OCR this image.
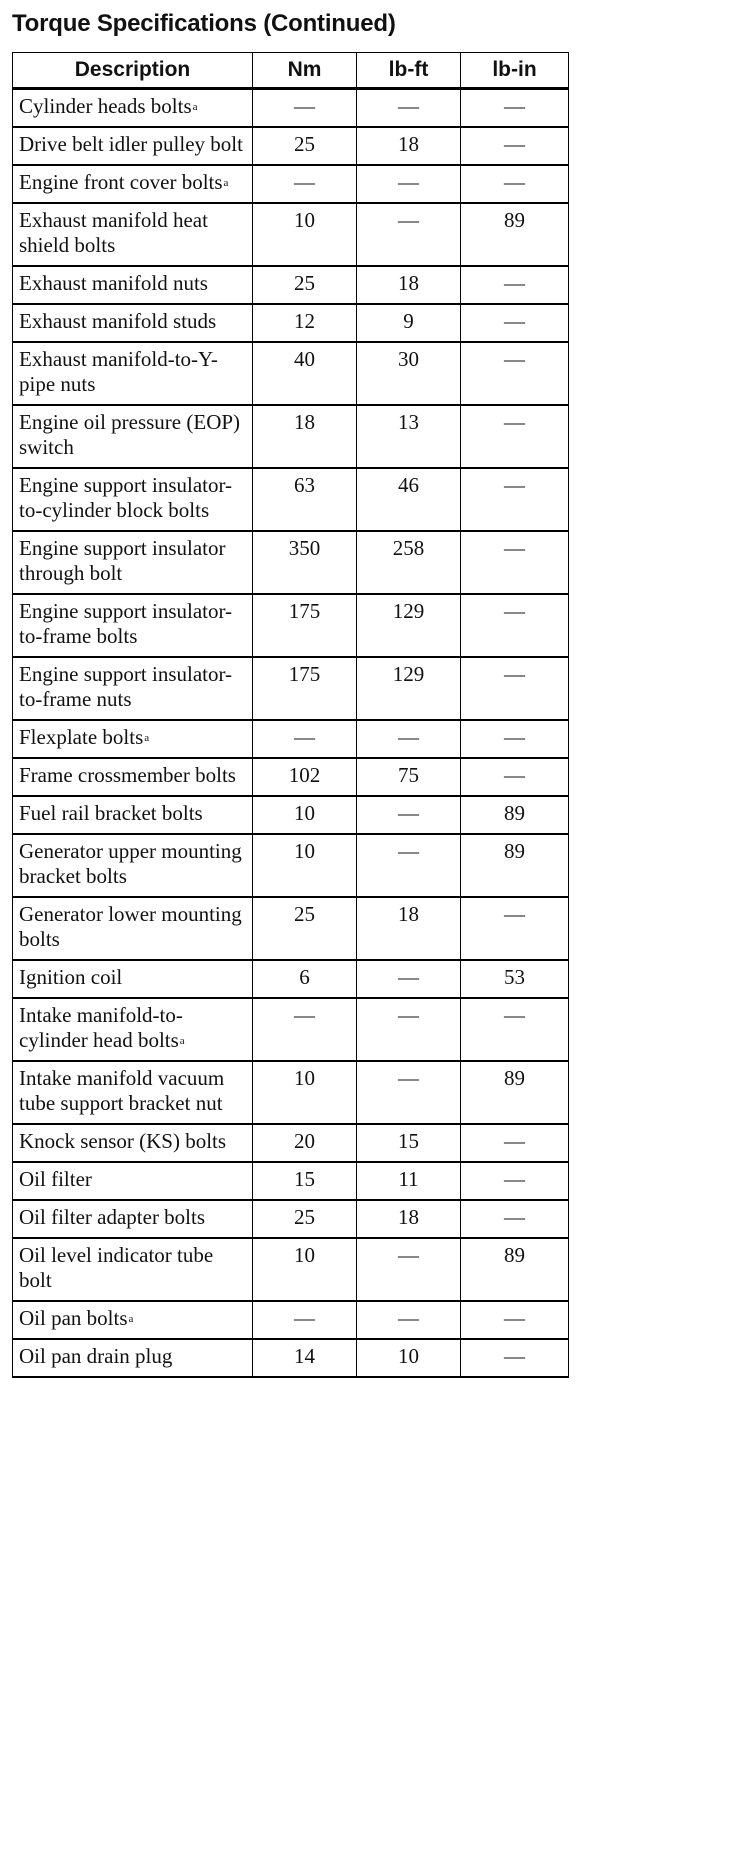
Torque Specifications (Continued)
Description	Nm	lb-ft	lb-in
Cylinder heads bolts$^a$	—	—	—
Drive belt idler pulley bolt	25	18	—
Engine front cover bolts$^a$	—	—	—
Exhaust manifold heat shield bolts	10	—	89
Exhaust manifold nuts	25	18	—
Exhaust manifold studs	12	9	—
Exhaust manifold-to-Y-pipe nuts	40	30	—
Engine oil pressure (EOP) switch	18	13	—
Engine support insulator-to-cylinder block bolts	63	46	—
Engine support insulator through bolt	350	258	—
Engine support insulator-to-frame bolts	175	129	—
Engine support insulator-to-frame nuts	175	129	—
Flexplate bolts$^a$	—	—	—
Frame crossmember bolts	102	75	—
Fuel rail bracket bolts	10	—	89
Generator upper mounting bracket bolts	10	—	89
Generator lower mounting bolts	25	18	—
Ignition coil	6	—	53
Intake manifold-to-cylinder head bolts$^a$	—	—	—
Intake manifold vacuum tube support bracket nut	10	—	89
Knock sensor (KS) bolts	20	15	—
Oil filter	15	11	—
Oil filter adapter bolts	25	18	—
Oil level indicator tube bolt	10	—	89
Oil pan bolts$^a$	—	—	—
Oil pan drain plug	14	10	—
